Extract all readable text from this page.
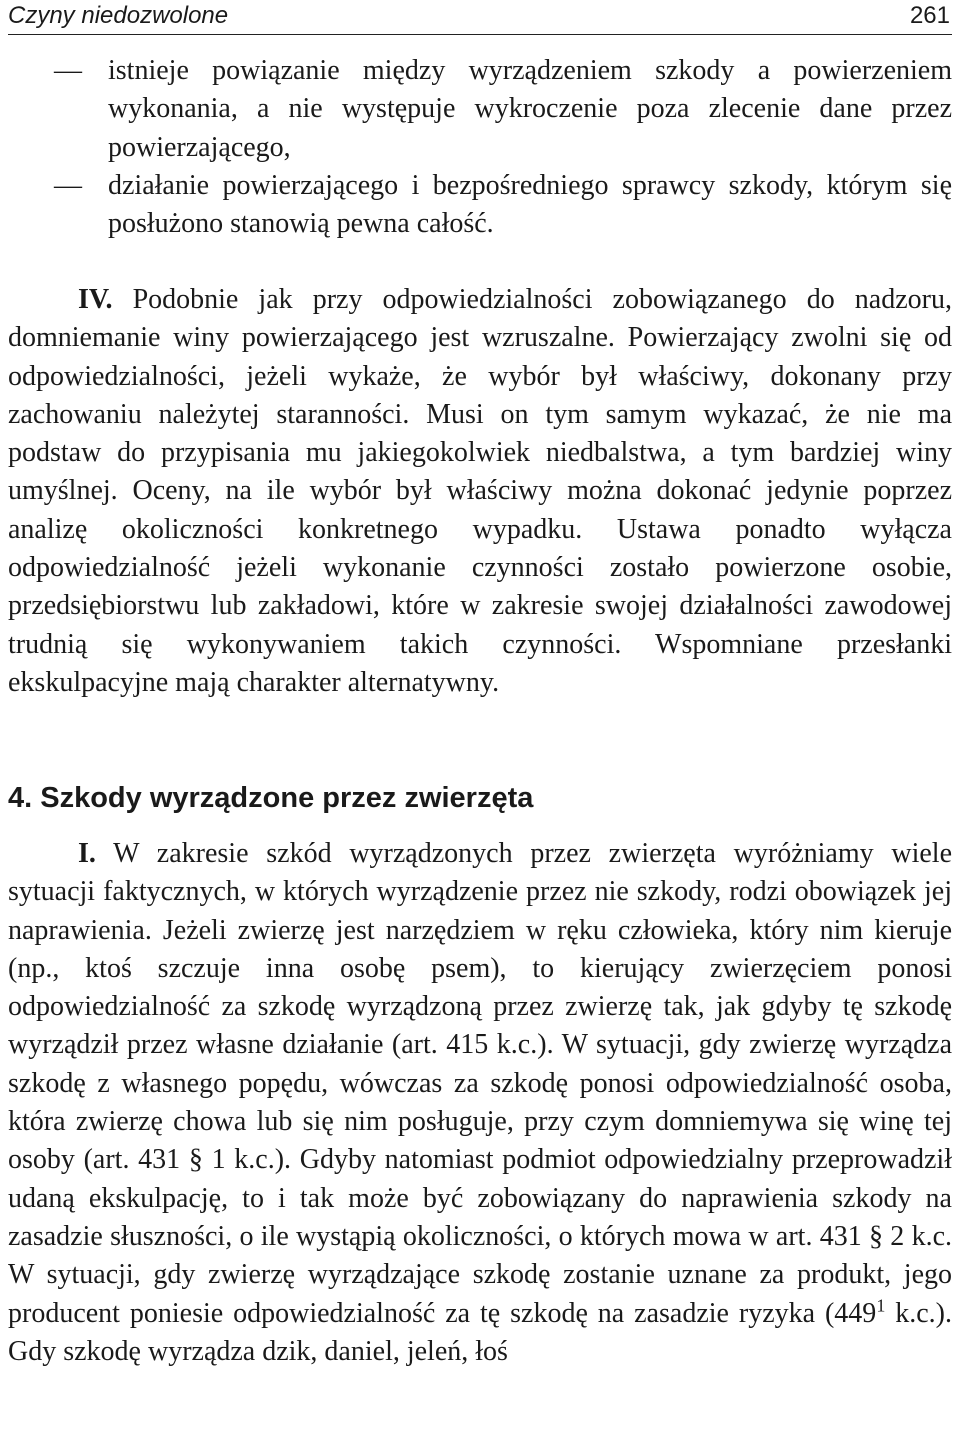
Czyny niedozwolone	261
— istnieje powiązanie między wyrządzeniem szkody a powierzeniem wykonania, a nie występuje wykroczenie poza zlecenie dane przez powierzającego,
— działanie powierzającego i bezpośredniego sprawcy szkody, którym się posłużono stanowią pewna całość.

IV. Podobnie jak przy odpowiedzialności zobowiązanego do nadzoru, domniemanie winy powierzającego jest wzruszalne. Powierzający zwolni się od odpowiedzialności, jeżeli wykaże, że wybór był właściwy, dokonany przy zachowaniu należytej staranności. Musi on tym samym wykazać, że nie ma podstaw do przypisania mu jakiegokolwiek niedbalstwa, a tym bardziej winy umyślnej. Oceny, na ile wybór był właściwy można dokonać jedynie poprzez analizę okoliczności konkretnego wypadku. Ustawa ponadto wyłącza odpowiedzialność jeżeli wykonanie czynności zostało powierzone osobie, przedsiębiorstwu lub zakładowi, które w zakresie swojej działalności zawodowej trudnią się wykonywaniem takich czynności. Wspomniane przesłanki ekskulpacyjne mają charakter alternatywny.

4. Szkody wyrządzone przez zwierzęta

I. W zakresie szkód wyrządzonych przez zwierzęta wyróżniamy wiele sytuacji faktycznych, w których wyrządzenie przez nie szkody, rodzi obowiązek jej naprawienia. Jeżeli zwierzę jest narzędziem w ręku człowieka, który nim kieruje (np., ktoś szczuje inna osobę psem), to kierujący zwierzęciem ponosi odpowiedzialność za szkodę wyrządzoną przez zwierzę tak, jak gdyby tę szkodę wyrządził przez własne działanie (art. 415 k.c.). W sytuacji, gdy zwierzę wyrządza szkodę z własnego popędu, wówczas za szkodę ponosi odpowiedzialność osoba, która zwierzę chowa lub się nim posługuje, przy czym domniemywa się winę tej osoby (art. 431 § 1 k.c.). Gdyby natomiast podmiot odpowiedzialny przeprowadził udaną ekskulpację, to i tak może być zobowiązany do naprawienia szkody na zasadzie słuszności, o ile wystąpią okoliczności, o których mowa w art. 431 § 2 k.c. W sytuacji, gdy zwierzę wyrządzające szkodę zostanie uznane za produkt, jego producent poniesie odpowiedzialność za tę szkodę na zasadzie ryzyka ($449^1$ k.c.). Gdy szkodę wyrządza dzik, daniel, jeleń, łoś
